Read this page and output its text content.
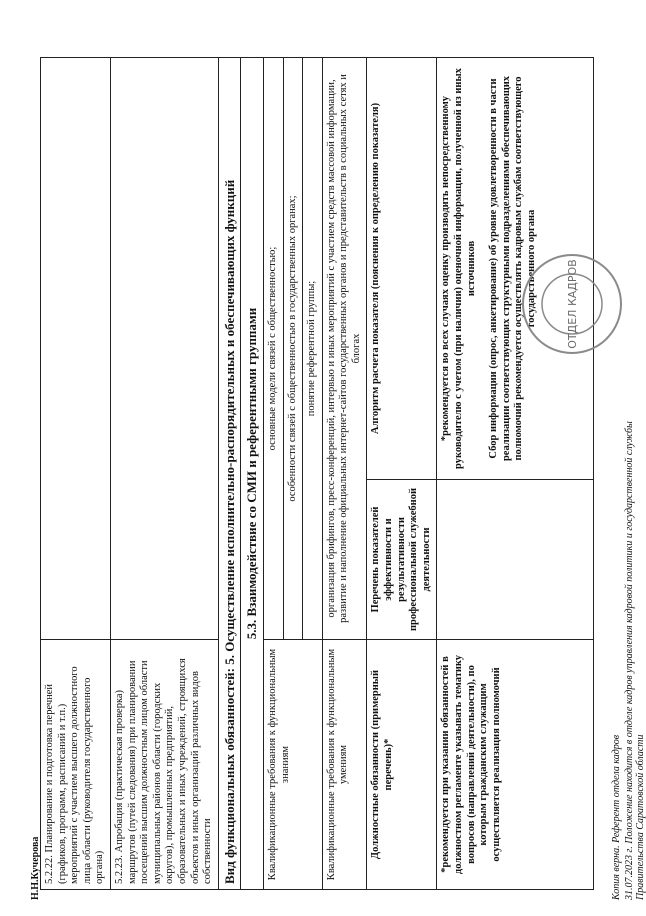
Н.Н.Кучерова	Копия верна. Референт отдела кадров 31.07.2023 г. Положение находится в отделе кадров управления кадровой политики и государственной службы
Правительства Саратовской области
5.2.22. Планирование и подготовка перечней (графиков, программ, расписаний и т.п.) мероприятий с участием высшего должностного лица области (руководителя государственного органа)		
5.2.23. Апробация (практическая проверка) маршрутов (путей следования) при планировании посещений высшим должностным лицом области муниципальных районов области (городских округов), промышленных предприятий, образовательных и иных учреждений, строящихся объектов и иных организаций различных видов собственности		
Вид функциональных обязанностей: 5. Осуществление исполнительно-распорядительных и обеспечивающих функций		
5.3. Взаимодействие со СМИ и референтными группами		
Квалификационные требования к функциональным знаниям	основные модели связей с общественностью; особенности связей с общественностью в государственных органах; понятие референтной группы;	

Квалификационные требования к функциональным умениям	организация брифингов, пресс-конференций, интервью и иных мероприятий с участием средств массовой информации, развитие и наполнение официальных интернет-сайтов государственных органов и представительств в социальных сетях и блогах	
Должностные обязанности (примерный перечень)*	Перечень показателей эффективности и результативности профессиональной служебной деятельности	Алгоритм расчета показателя (пояснения к определению показателя)
*рекомендуется при указании обязанностей в должностном регламенте указывать тематику вопросов (направлений деятельности), по которым гражданским служащим осуществляется реализация полномочий		*рекомендуется во всех случаях оценку производить непосредственному руководителю с учетом (при наличии) оценочной информации, полученной из иных источников Сбор информации (опрос, анкетирование) об уровне удовлетворенности в части реализации соответствующих структурными подразделениями обеспечивающих полномочий рекомендуется осуществлять кадровым службам соответствующего государственного органа	ОТДЕЛ КАДРОВ
